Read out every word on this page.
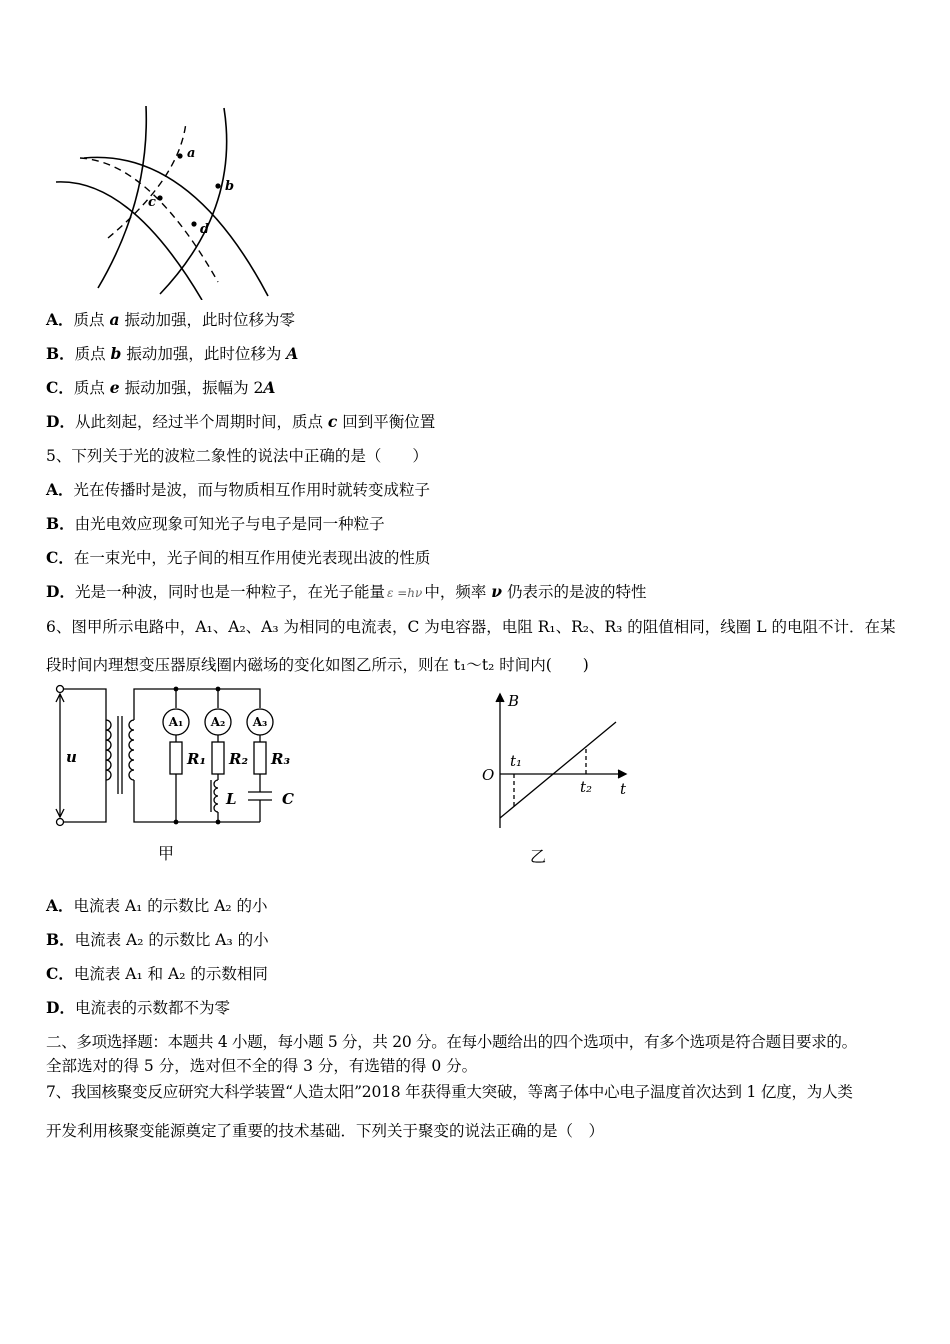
a
b
c
d
A．质点 a 振动加强，此时位移为零
B．质点 b 振动加强，此时位移为 A
C．质点 e 振动加强，振幅为 2A
D．从此刻起，经过半个周期时间，质点 c 回到平衡位置
5、下列关于光的波粒二象性的说法中正确的是（　　）
A．光在传播时是波，而与物质相互作用时就转变成粒子
B．由光电效应现象可知光子与电子是同一种粒子
C．在一束光中，光子间的相互作用使光表现出波的性质
D．光是一种波，同时也是一种粒子，在光子能量 ε =hν 中，频率 ν 仍表示的是波的特性
6、图甲所示电路中，A₁、A₂、A₃ 为相同的电流表，C 为电容器，电阻 R₁、R₂、R₃ 的阻值相同，线圈 L 的电阻不计．在某
段时间内理想变压器原线圈内磁场的变化如图乙所示，则在 t₁～t₂ 时间内(　　)
A₁ A₂ A₃
u	R₁ R₂ R₃
L	C
甲
B
O
t
t₁
t₂
乙
A．电流表 A₁ 的示数比 A₂ 的小
B．电流表 A₂ 的示数比 A₃ 的小
C．电流表 A₁ 和 A₂ 的示数相同
D．电流表的示数都不为零
二、多项选择题：本题共 4 小题，每小题 5 分，共 20 分。在每小题给出的四个选项中，有多个选项是符合题目要求的。
全部选对的得 5 分，选对但不全的得 3 分，有选错的得 0 分。
7、我国核聚变反应研究大科学装置“人造太阳”2018 年获得重大突破，等离子体中心电子温度首次达到 1 亿度，为人类
开发利用核聚变能源奠定了重要的技术基础．下列关于聚变的说法正确的是（　）
